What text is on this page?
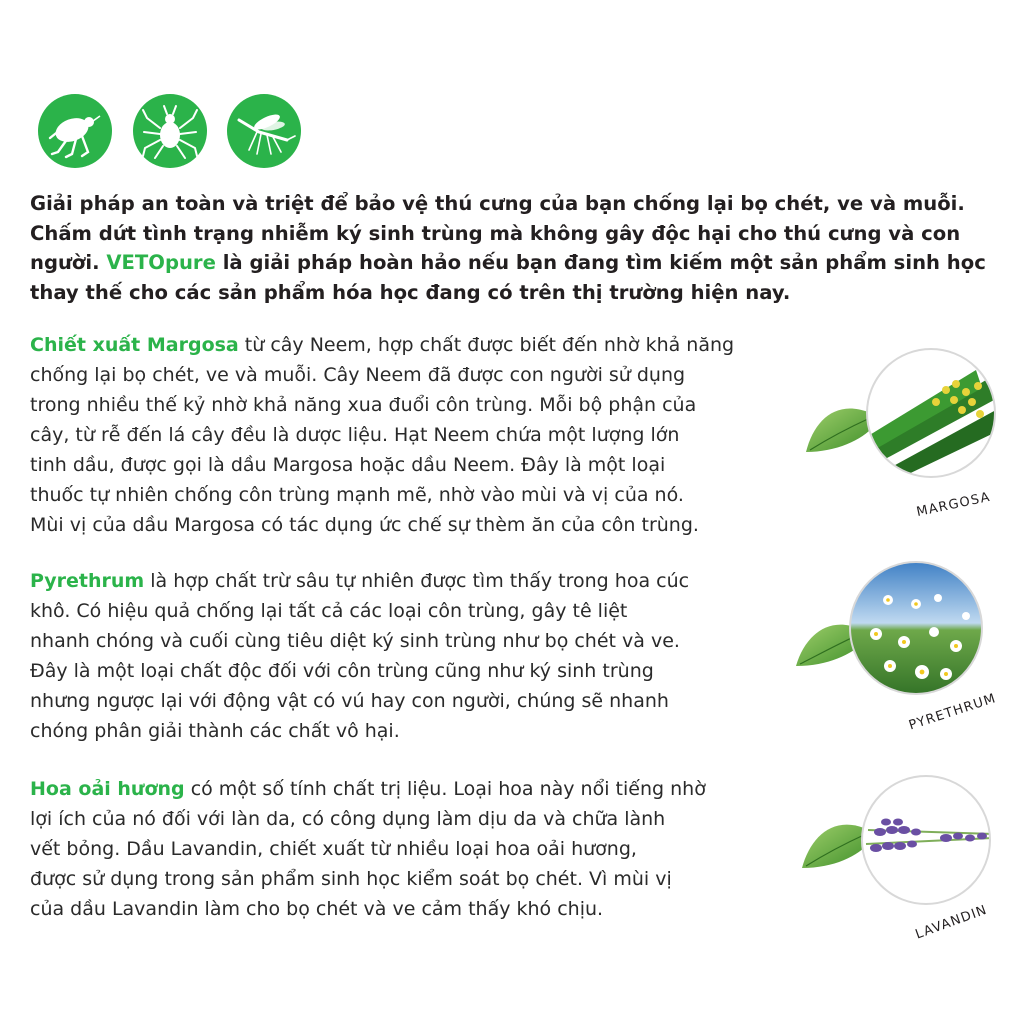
Giải pháp an toàn và triệt để bảo vệ thú cưng của bạn chống lại bọ chét, ve và muỗi.
Chấm dứt tình trạng nhiễm ký sinh trùng mà không gây độc hại cho thú cưng và con
người. VETOpure là giải pháp hoàn hảo nếu bạn đang tìm kiếm một sản phẩm sinh học
thay thế cho các sản phẩm hóa học đang có trên thị trường hiện nay.

Chiết xuất Margosa từ cây Neem, hợp chất được biết đến nhờ khả năng
chống lại bọ chét, ve và muỗi. Cây Neem đã được con người sử dụng
trong nhiều thế kỷ nhờ khả năng xua đuổi côn trùng. Mỗi bộ phận của
cây, từ rễ đến lá cây đều là dược liệu. Hạt Neem chứa một lượng lớn
tinh dầu, được gọi là dầu Margosa hoặc dầu Neem. Đây là một loại
thuốc tự nhiên chống côn trùng mạnh mẽ, nhờ vào mùi và vị của nó.
Mùi vị của dầu Margosa có tác dụng ức chế sự thèm ăn của côn trùng.

Pyrethrum là hợp chất trừ sâu tự nhiên được tìm thấy trong hoa cúc
khô. Có hiệu quả chống lại tất cả các loại côn trùng, gây tê liệt
nhanh chóng và cuối cùng tiêu diệt ký sinh trùng như bọ chét và ve.
Đây là một loại chất độc đối với côn trùng cũng như ký sinh trùng
nhưng ngược lại với động vật có vú hay con người, chúng sẽ nhanh
chóng phân giải thành các chất vô hại.

Hoa oải hương có một số tính chất trị liệu. Loại hoa này nổi tiếng nhờ
lợi ích của nó đối với làn da, có công dụng làm dịu da và chữa lành
vết bỏng. Dầu Lavandin, chiết xuất từ nhiều loại hoa oải hương,
được sử dụng trong sản phẩm sinh học kiểm soát bọ chét. Vì mùi vị
của dầu Lavandin làm cho bọ chét và ve cảm thấy khó chịu.

MARGOSA
PYRETHRUM
LAVANDIN
